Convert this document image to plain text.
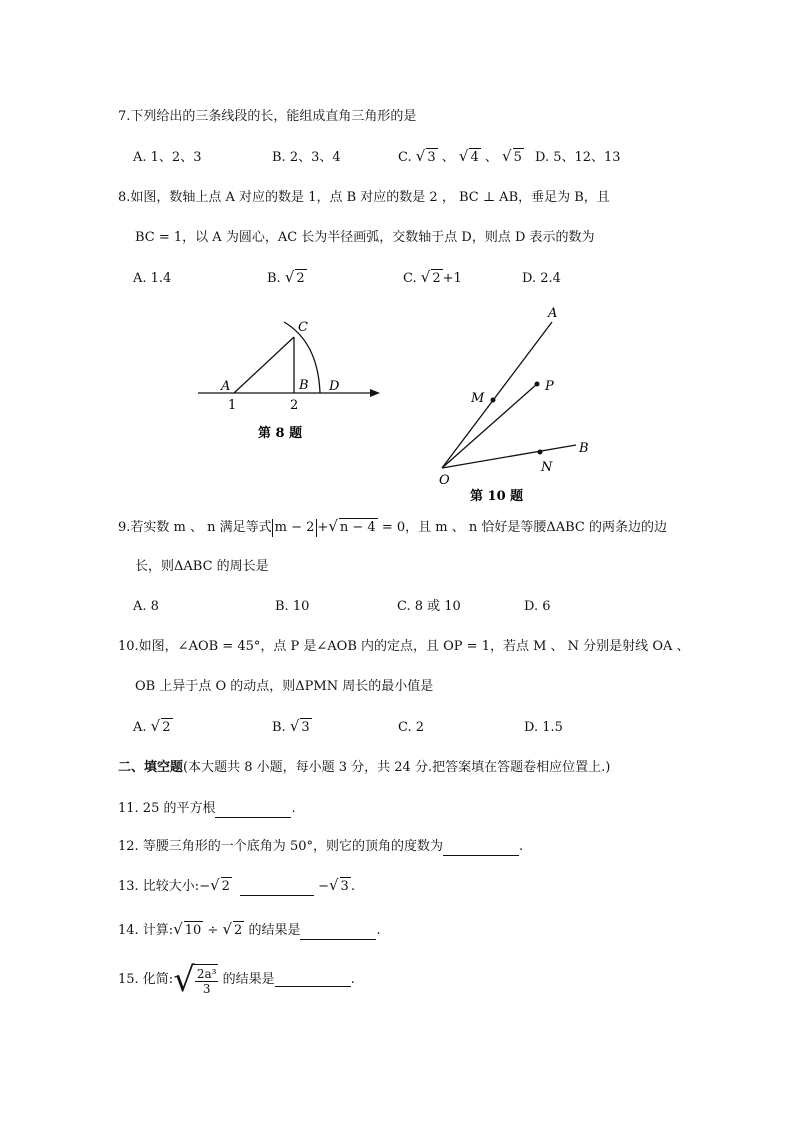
7.下列给出的三条线段的长，能组成直角三角形的是
A. 1、2、3	B. 2、3、4	C. √ 3 、 √ 4 、 √ 5 D. 5、12、13
8.如图，数轴上点 A 对应的数是 1，点 B 对应的数是 2 ， BC ⊥ AB，垂足为 B，且
BC = 1，以 A 为圆心，AC 长为半径画弧，交数轴于点 D，则点 D 表示的数为
A. 1.4	B. √ 2	C. √ 2 +1	D. 2.4
C
A	B D
1	2
第 8 题
A
M
P
B
N
O
第 10 题
9.若实数 m 、 n 满足等式 m − 2 +√ n − 4 = 0，且 m 、 n 恰好是等腰ΔABC 的两条边的边
长，则ΔABC 的周长是
A. 8	B. 10	C. 8 或 10	D. 6
10.如图，∠AOB = 45°，点 P 是∠AOB 内的定点，且 OP = 1，若点 M 、 N 分别是射线 OA 、
OB 上异于点 O 的动点，则ΔPMN 周长的最小值是
A. √ 2	B. √ 3	C. 2	D. 1.5
二、填空题(本大题共 8 小题，每小题 3 分，共 24 分.把答案填在答题卷相应位置上.)
11. 25 的平方根	.
12. 等腰三角形的一个底角为 50°，则它的顶角的度数为	.
13. 比较大小:−√ 2	−√ 3 .
14. 计算:√ 10 ÷ √ 2 的结果是	.
15. 化简:√ $\frac{\text{2a³}}{3}$ 的结果是	.
